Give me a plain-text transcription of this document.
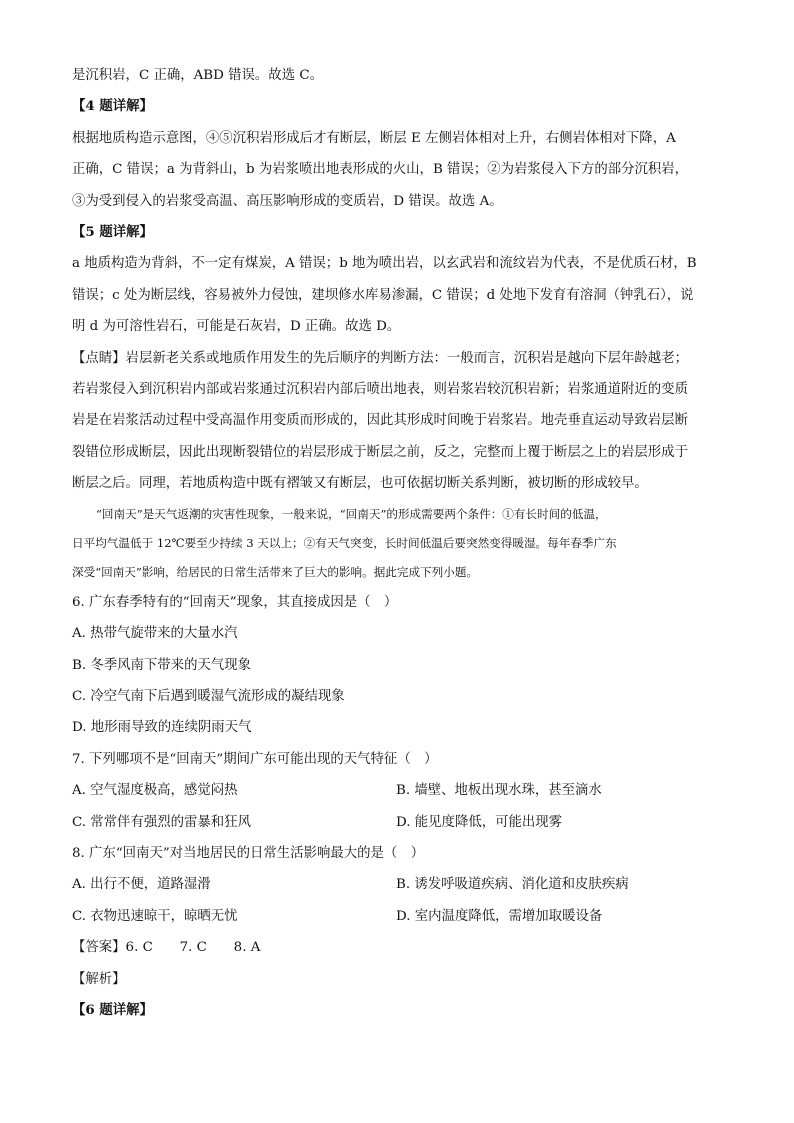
是沉积岩，C 正确，ABD 错误。故选 C。

【4 题详解】

根据地质构造示意图，④⑤沉积岩形成后才有断层，断层 E 左侧岩体相对上升，右侧岩体相对下降，A

正确，C 错误；a 为背斜山，b 为岩浆喷出地表形成的火山，B 错误；②为岩浆侵入下方的部分沉积岩，

③为受到侵入的岩浆受高温、高压影响形成的变质岩，D 错误。故选 A。

【5 题详解】

a 地质构造为背斜，不一定有煤炭，A 错误；b 地为喷出岩，以玄武岩和流纹岩为代表，不是优质石材，B

错误；c 处为断层线，容易被外力侵蚀，建坝修水库易渗漏，C 错误；d 处地下发育有溶洞（钟乳石），说

明 d 为可溶性岩石，可能是石灰岩，D 正确。故选 D。

【点睛】岩层新老关系或地质作用发生的先后顺序的判断方法：一般而言，沉积岩是越向下层年龄越老；

若岩浆侵入到沉积岩内部或岩浆通过沉积岩内部后喷出地表，则岩浆岩较沉积岩新；岩浆通道附近的变质

岩是在岩浆活动过程中受高温作用变质而形成的，因此其形成时间晚于岩浆岩。地壳垂直运动导致岩层断

裂错位形成断层，因此出现断裂错位的岩层形成于断层之前，反之，完整而上覆于断层之上的岩层形成于

断层之后。同理，若地质构造中既有褶皱又有断层，也可依据切断关系判断，被切断的形成较早。

“回南天”是天气返潮的灾害性现象，一般来说，“回南天”的形成需要两个条件：①有长时间的低温，

日平均气温低于 12℃要至少持续 3 天以上；②有天气突变，长时间低温后要突然变得暖湿。每年春季广东

深受“回南天”影响，给居民的日常生活带来了巨大的影响。据此完成下列小题。

6. 广东春季特有的“回南天”现象，其直接成因是（　）

A. 热带气旋带来的大量水汽

B. 冬季风南下带来的天气现象

C. 冷空气南下后遇到暖湿气流形成的凝结现象

D. 地形雨导致的连续阴雨天气

7. 下列哪项不是“回南天”期间广东可能出现的天气特征（　）

A. 空气湿度极高，感觉闷热	B. 墙壁、地板出现水珠，甚至滴水
C. 常常伴有强烈的雷暴和狂风	D. 能见度降低，可能出现雾

8. 广东“回南天”对当地居民的日常生活影响最大的是（　）

A. 出行不便，道路湿滑	B. 诱发呼吸道疾病、消化道和皮肤疾病
C. 衣物迅速晾干，晾晒无忧	D. 室内温度降低，需增加取暖设备

【答案】6. C　　7. C　　8. A

【解析】

【6 题详解】
